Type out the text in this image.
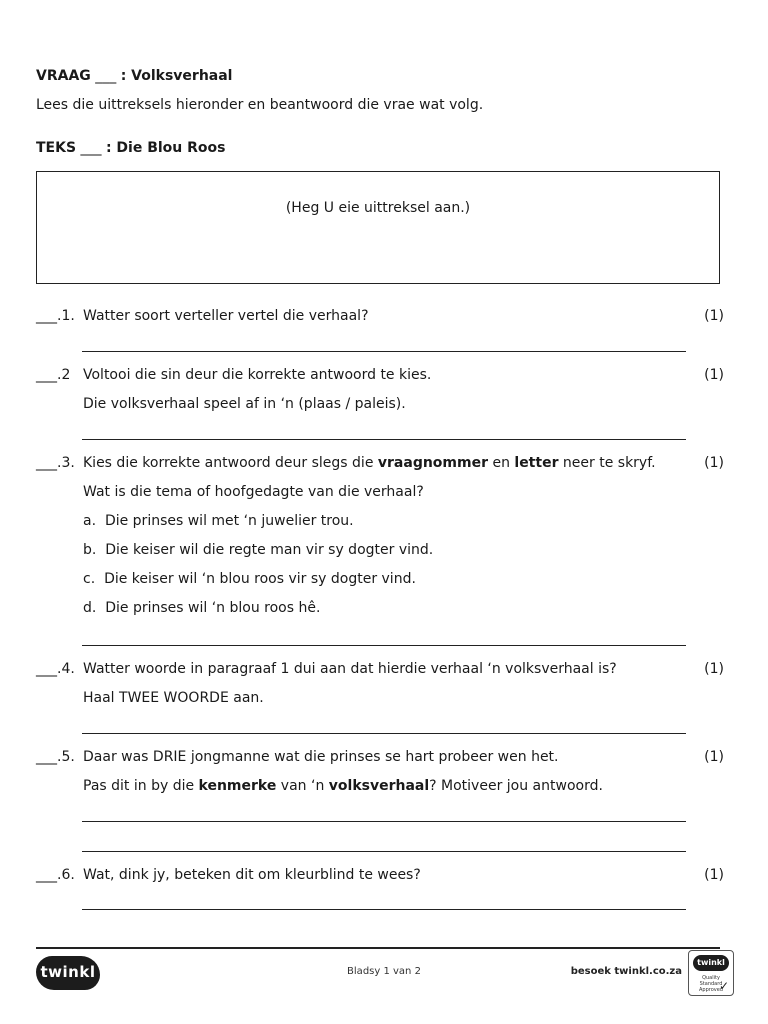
VRAAG ___ : Volksverhaal
Lees die uittreksels hieronder en beantwoord die vrae wat volg.
TEKS ___ : Die Blou Roos
(Heg U eie uittreksel aan.)
___.1. Watter soort verteller vertel die verhaal?	(1)
___.2 Voltooi die sin deur die korrekte antwoord te kies.	(1)
Die volksverhaal speel af in ‘n (plaas / paleis).
___.3. Kies die korrekte antwoord deur slegs die vraagnommer en letter neer te skryf.	(1)
Wat is die tema of hoofgedagte van die verhaal?
a. Die prinses wil met ‘n juwelier trou.
b. Die keiser wil die regte man vir sy dogter vind.
c. Die keiser wil ‘n blou roos vir sy dogter vind.
d. Die prinses wil ‘n blou roos hê.
___.4. Watter woorde in paragraaf 1 dui aan dat hierdie verhaal ‘n volksverhaal is?	(1)
Haal TWEE WOORDE aan.
___.5. Daar was DRIE jongmanne wat die prinses se hart probeer wen het.	(1)
Pas dit in by die kenmerke van ‘n volksverhaal? Motiveer jou antwoord.
___.6. Wat, dink jy, beteken dit om kleurblind te wees?	(1)
twinkl	Bladsy 1 van 2	besoek twinkl.co.za
twinkl
Quality Standard Approved
✓
